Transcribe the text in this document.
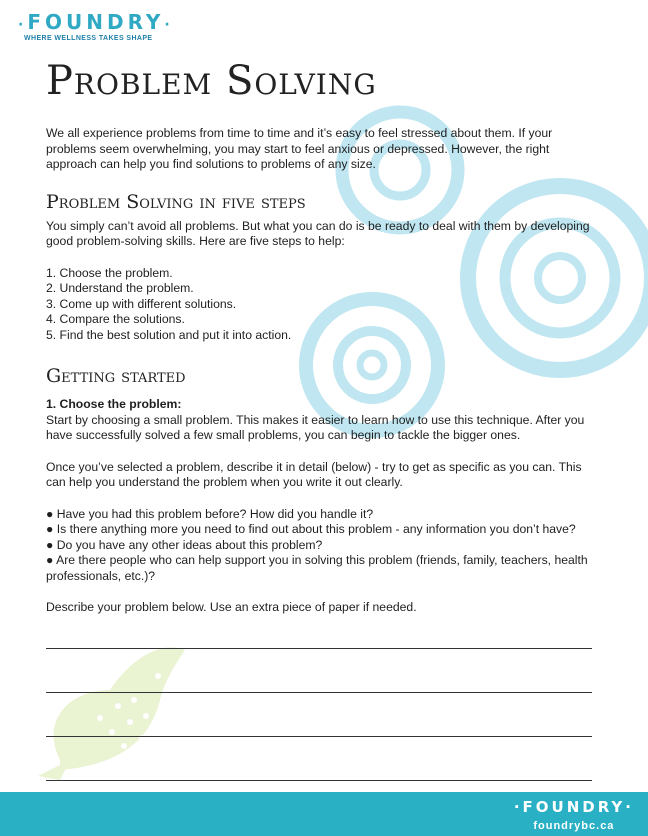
·FOUNDRY·
WHERE WELLNESS TAKES SHAPE
Problem Solving

We all experience problems from time to time and it’s easy to feel stressed about them. If your problems seem overwhelming, you may start to feel anxious or depressed. However, the right approach can help you find solutions to problems of any size.

Problem Solving in five steps

You simply can’t avoid all problems. But what you can do is be ready to deal with them by developing good problem-solving skills. Here are five steps to help:

1. Choose the problem.
2. Understand the problem.
3. Come up with different solutions.
4. Compare the solutions.
5. Find the best solution and put it into action.
Getting started

1. Choose the problem:

Start by choosing a small problem. This makes it easier to learn how to use this technique. After you have successfully solved a few small problems, you can begin to tackle the bigger ones.

Once you’ve selected a problem, describe it in detail (below) - try to get as specific as you can. This can help you understand the problem when you write it out clearly.

● Have you had this problem before? How did you handle it?
● Is there anything more you need to find out about this problem - any information you don’t have?
● Do you have any other ideas about this problem?
● Are there people who can help support you in solving this problem (friends, family, teachers, health professionals, etc.)?

Describe your problem below. Use an extra piece of paper if needed.

·FOUNDRY·
foundrybc.ca
